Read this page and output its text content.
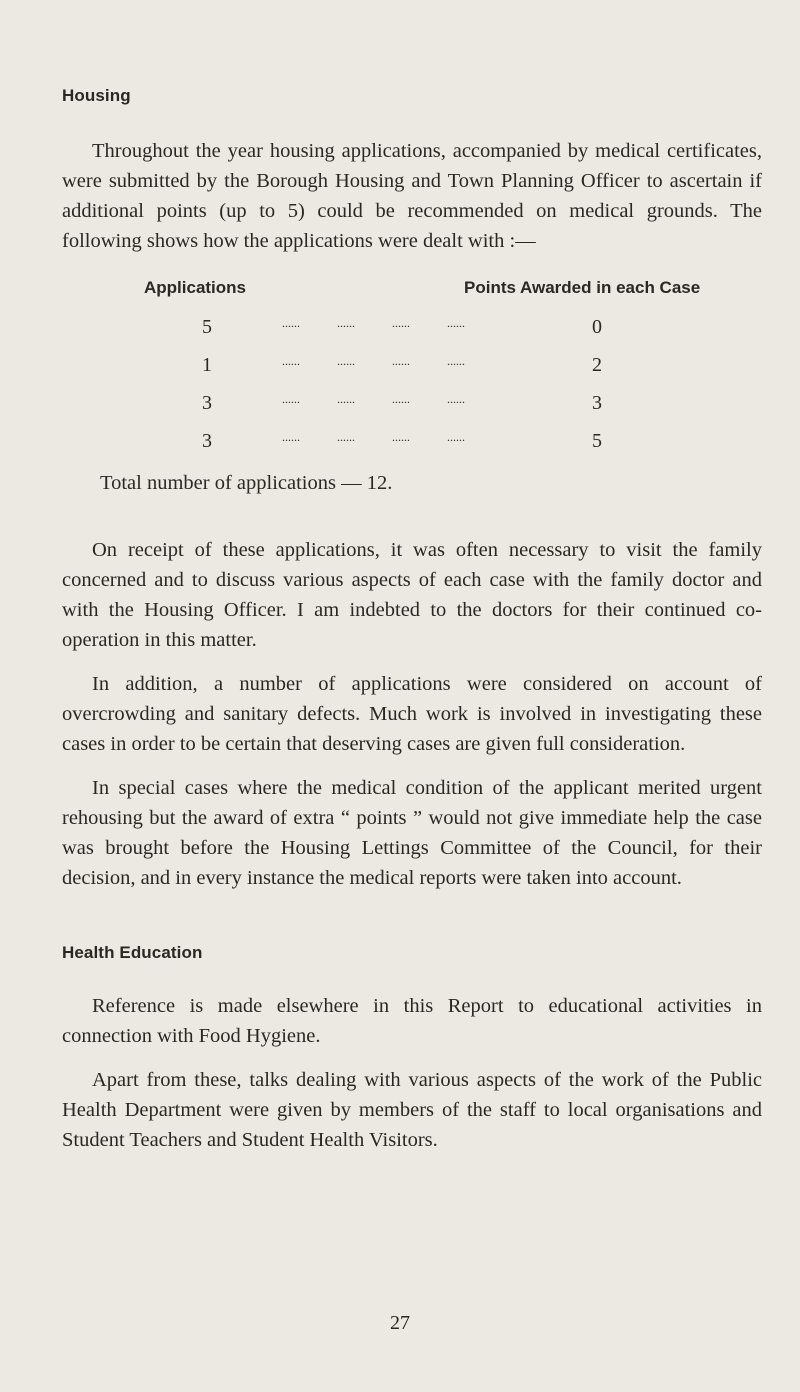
Housing

Throughout the year housing applications, accompanied by medical certificates, were submitted by the Borough Housing and Town Planning Officer to ascertain if additional points (up to 5) could be recommended on medical grounds. The following shows how the applications were dealt with :—

Applications	Points Awarded in each Case
5	...... ...... ...... ......	0
1	...... ...... ...... ......	2
3	...... ...... ...... ......	3
3	...... ...... ...... ......	5

Total number of applications — 12.

On receipt of these applications, it was often necessary to visit the family concerned and to discuss various aspects of each case with the family doctor and with the Housing Officer. I am indebted to the doctors for their continued co-operation in this matter.

In addition, a number of applications were considered on account of overcrowding and sanitary defects. Much work is involved in investigating these cases in order to be certain that deserving cases are given full consideration.

In special cases where the medical condition of the applicant merited urgent rehousing but the award of extra “ points ” would not give immediate help the case was brought before the Housing Lettings Committee of the Council, for their decision, and in every instance the medical reports were taken into account.

Health Education

Reference is made elsewhere in this Report to educational activities in connection with Food Hygiene.

Apart from these, talks dealing with various aspects of the work of the Public Health Department were given by members of the staff to local organisations and Student Teachers and Student Health Visitors.

27
